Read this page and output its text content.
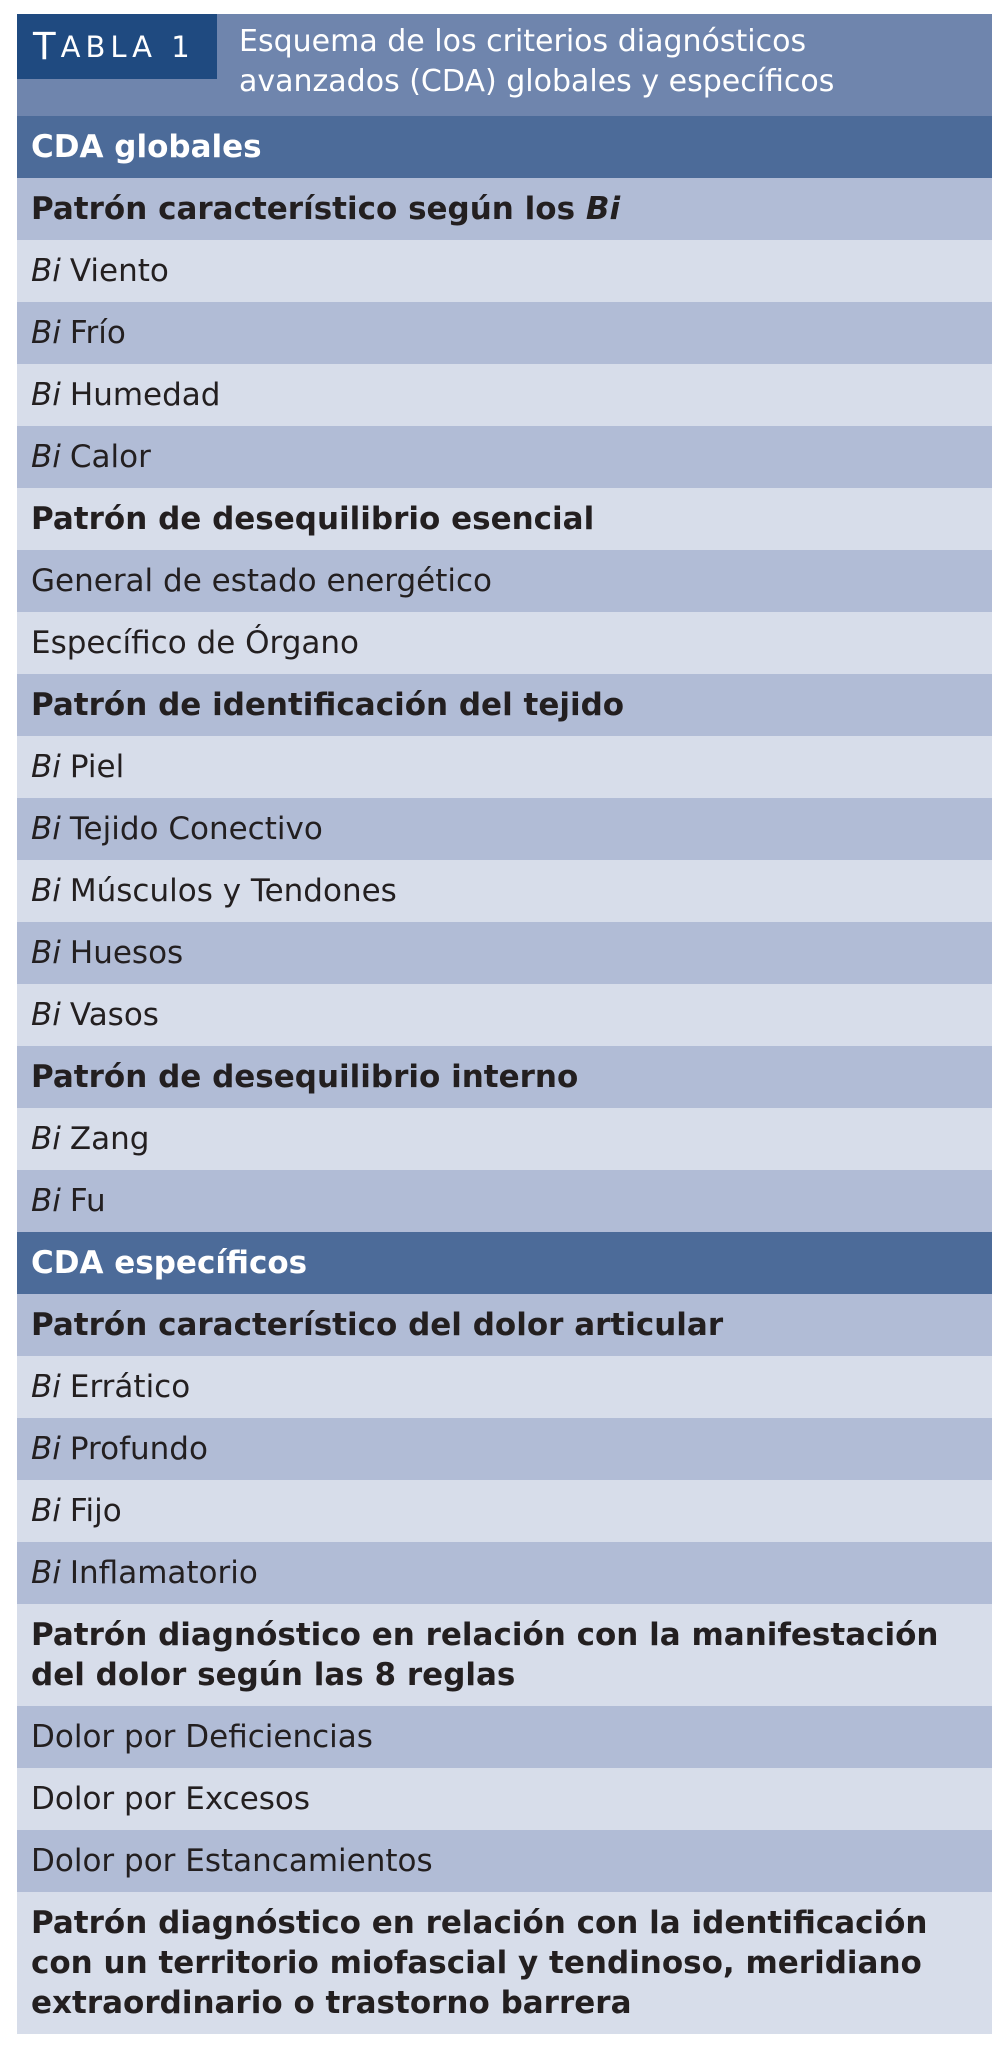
T ABLA 1 Esquema de los criterios diagnósticos avanzados (CDA) globales y específicos
CDA globales
Patrón característico según los
Bi
Bi Viento
Bi Frío
Bi Humedad
Bi Calor
Patrón de desequilibrio esencial
General de estado energético
Específico de Órgano
Patrón de identificación del tejido
Bi Piel
Bi Tejido Conectivo
Bi Músculos y Tendones
Bi Huesos
Bi Vasos
Patrón de desequilibrio interno
Bi Zang
Bi Fu
CDA específicos
Patrón característico del dolor articular
Bi Errático
Bi Profundo
Bi Fijo
Bi Inflamatorio
Patrón diagnóstico en relación con la manifestación del dolor según las 8 reglas
Dolor por Deficiencias
Dolor por Excesos
Dolor por Estancamientos
Patrón diagnóstico en relación con la identificación con un territorio miofascial y tendinoso, meridiano extraordinario o trastorno barrera
